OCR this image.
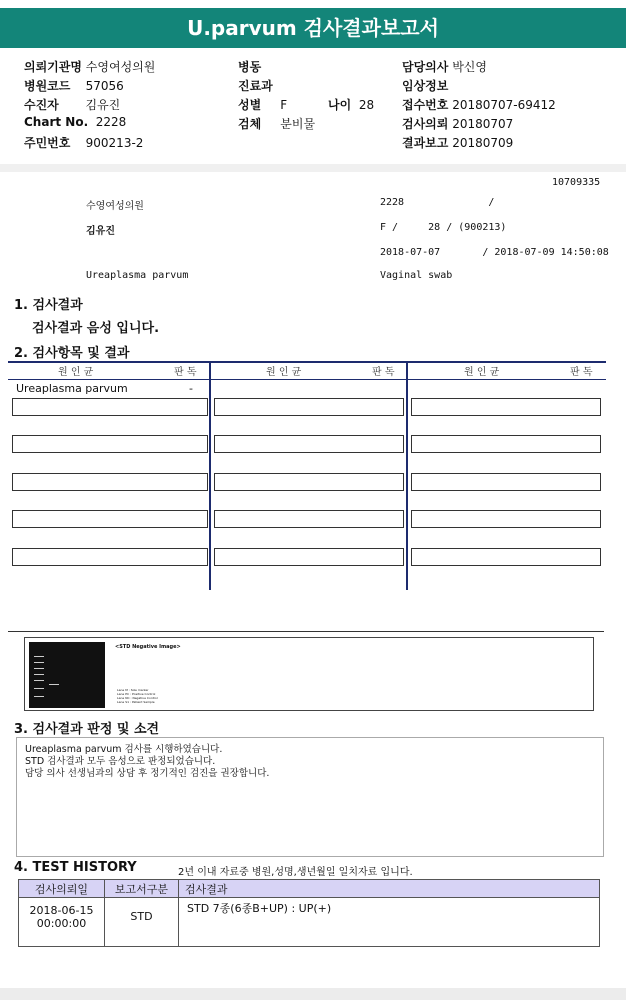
U.parvum 검사결과보고서
의뢰기관명 수영여성의원
병원코드 57056
수진자 김유진
Chart No. 2228
주민번호 900213-2
병동
진료과
성별 F	나이 28
검체 분비물
담당의사 박신영
임상정보
접수번호 20180707-69412
검사의뢰 20180707
결과보고 20180709
10709335
수영여성의원	2228              /
김유진	F /     28 / (900213)
2018-07-07       / 2018-07-09 14:50:08
Ureaplasma parvum	Vaginal swab
1. 검사결과
검사결과 음성 입니다.
2. 검사항목 및 결과
원 인 균	판 독	원 인 균	판 독	원 인 균	판 독
Ureaplasma parvum	-
<STD Negative Image>
Lane M : Size marker
Lane PC : Positive Control
Lane NC : Negative Control
Lane S1 : Patient Sample
3. 검사결과 판정 및 소견
Ureaplasma parvum 검사를 시행하였습니다.
STD 검사결과 모두 음성으로 판정되었습니다.
담당 의사 선생님과의 상담 후 정기적인 검진을 권장합니다.
4. TEST HISTORY	2년 이내 자료중 병원,성명,생년월일 일치자료 입니다.
검사의뢰일	보고서구분	검사결과

2018-06-15
00:00:00	STD	STD 7종(6종B+UP) : UP(+)
